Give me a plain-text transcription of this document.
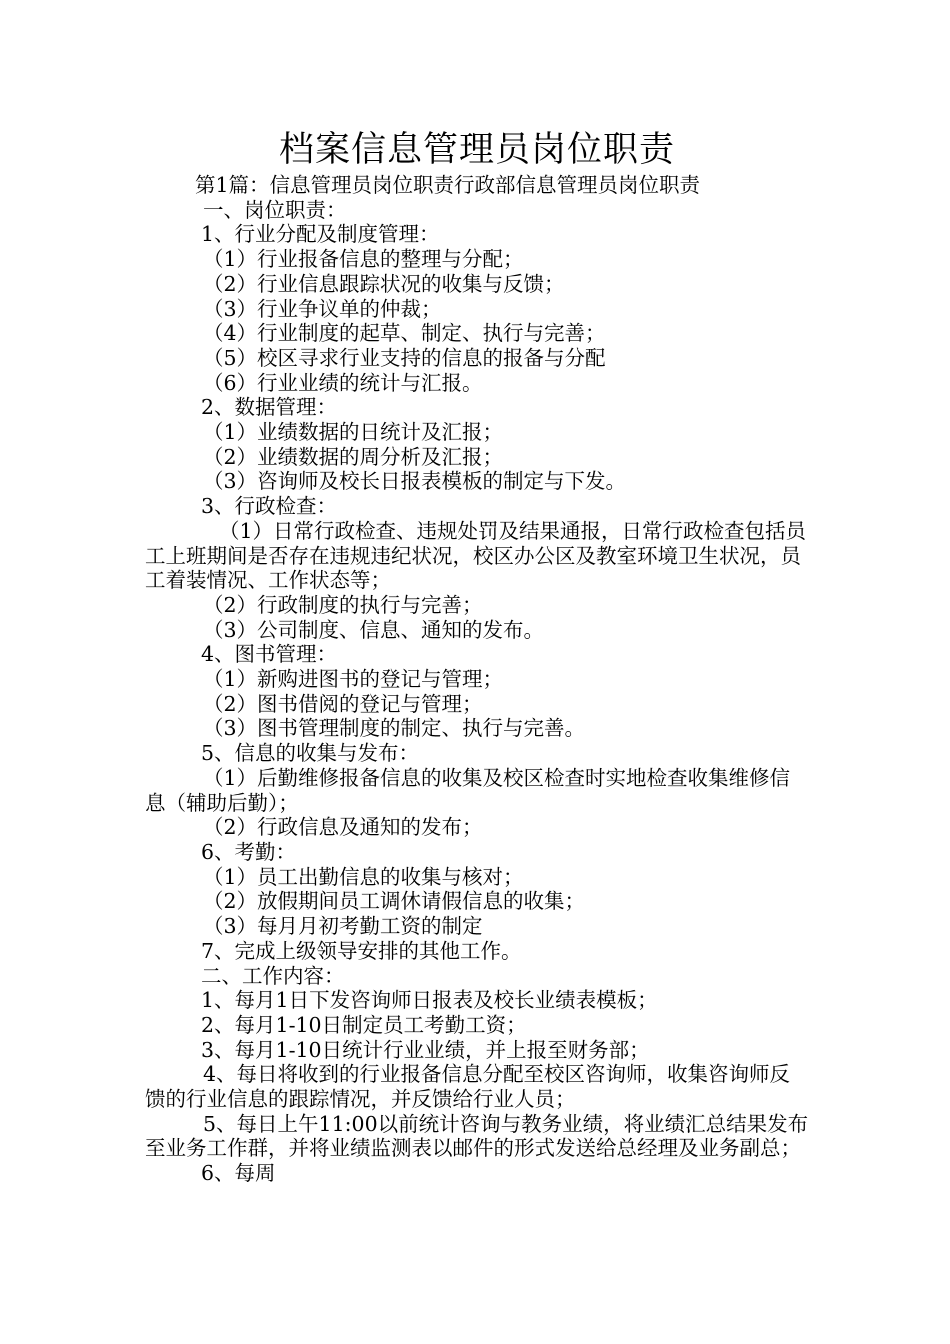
档案信息管理员岗位职责

第1篇：信息管理员岗位职责行政部信息管理员岗位职责

一、岗位职责：

1、行业分配及制度管理：

（1）行业报备信息的整理与分配；

（2）行业信息跟踪状况的收集与反馈；

（3）行业争议单的仲裁；

（4）行业制度的起草、制定、执行与完善；

（5）校区寻求行业支持的信息的报备与分配

（6）行业业绩的统计与汇报。

2、数据管理：

（1）业绩数据的日统计及汇报；

（2）业绩数据的周分析及汇报；

（3）咨询师及校长日报表模板的制定与下发。

3、行政检查：

（1）日常行政检查、违规处罚及结果通报，日常行政检查包括员工上班期间是否存在违规违纪状况，校区办公区及教室环境卫生状况，员工着装情况、工作状态等；

（2）行政制度的执行与完善；

（3）公司制度、信息、通知的发布。

4、图书管理：

（1）新购进图书的登记与管理；

（2）图书借阅的登记与管理；

（3）图书管理制度的制定、执行与完善。

5、信息的收集与发布：

（1）后勤维修报备信息的收集及校区检查时实地检查收集维修信息（辅助后勤）；

（2）行政信息及通知的发布；

6、考勤：

（1）员工出勤信息的收集与核对；

（2）放假期间员工调休请假信息的收集；

（3）每月月初考勤工资的制定

7、完成上级领导安排的其他工作。

二、工作内容：

1、每月1日下发咨询师日报表及校长业绩表模板；

2、每月1-10日制定员工考勤工资；

3、每月1-10日统计行业业绩，并上报至财务部；

4、每日将收到的行业报备信息分配至校区咨询师，收集咨询师反馈的行业信息的跟踪情况，并反馈给行业人员；

5、每日上午11:00以前统计咨询与教务业绩，将业绩汇总结果发布至业务工作群，并将业绩监测表以邮件的形式发送给总经理及业务副总；

6、每周
